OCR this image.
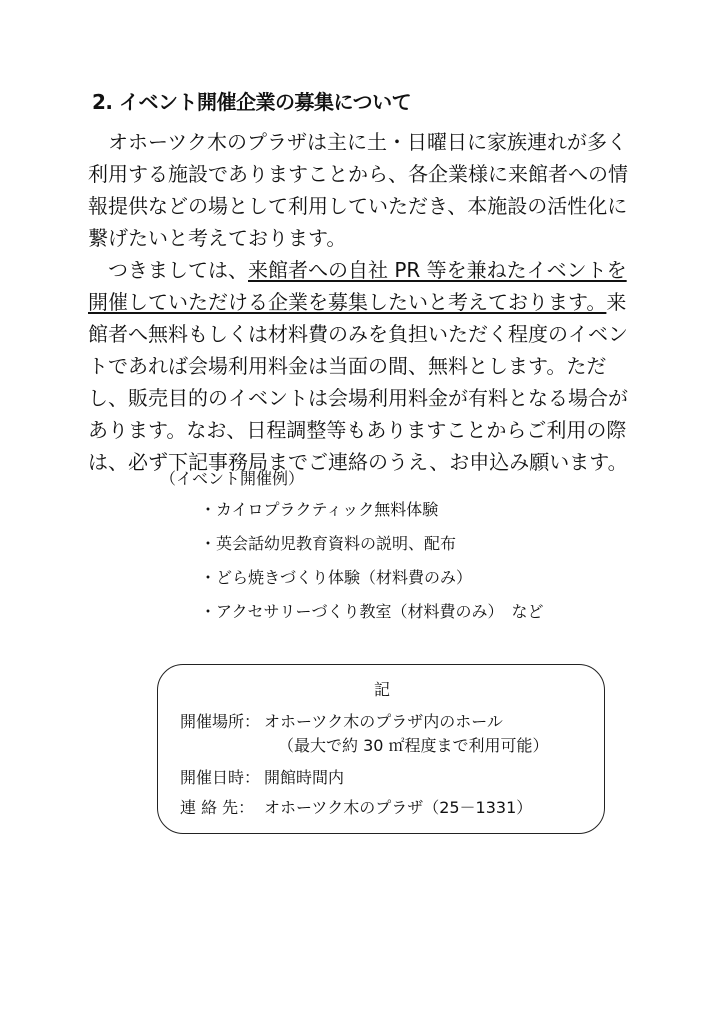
2. イベント開催企業の募集について
　オホーツク木のプラザは主に土・日曜日に家族連れが多く
利用する施設でありますことから、各企業様に来館者への情
報提供などの場として利用していただき、本施設の活性化に
繋げたいと考えております。
　つきましては、来館者への自社 PR 等を兼ねたイベントを
開催していただける企業を募集したいと考えております。来
館者へ無料もしくは材料費のみを負担いただく程度のイベン
トであれば会場利用料金は当面の間、無料とします。ただ
し、販売目的のイベントは会場利用料金が有料となる場合が
あります。なお、日程調整等もありますことからご利用の際
は、必ず下記事務局までご連絡のうえ、お申込み願います。
（イベント開催例）
・カイロプラクティック無料体験
・英会話幼児教育資料の説明、配布
・どら焼きづくり体験（材料費のみ）
・アクセサリーづくり教室（材料費のみ）　など
記
開催場所： オホーツク木のプラザ内のホール
（最大で約 30 ㎡程度まで利用可能）
開催日時： 開館時間内
連 絡 先： オホーツク木のプラザ（25－1331）
